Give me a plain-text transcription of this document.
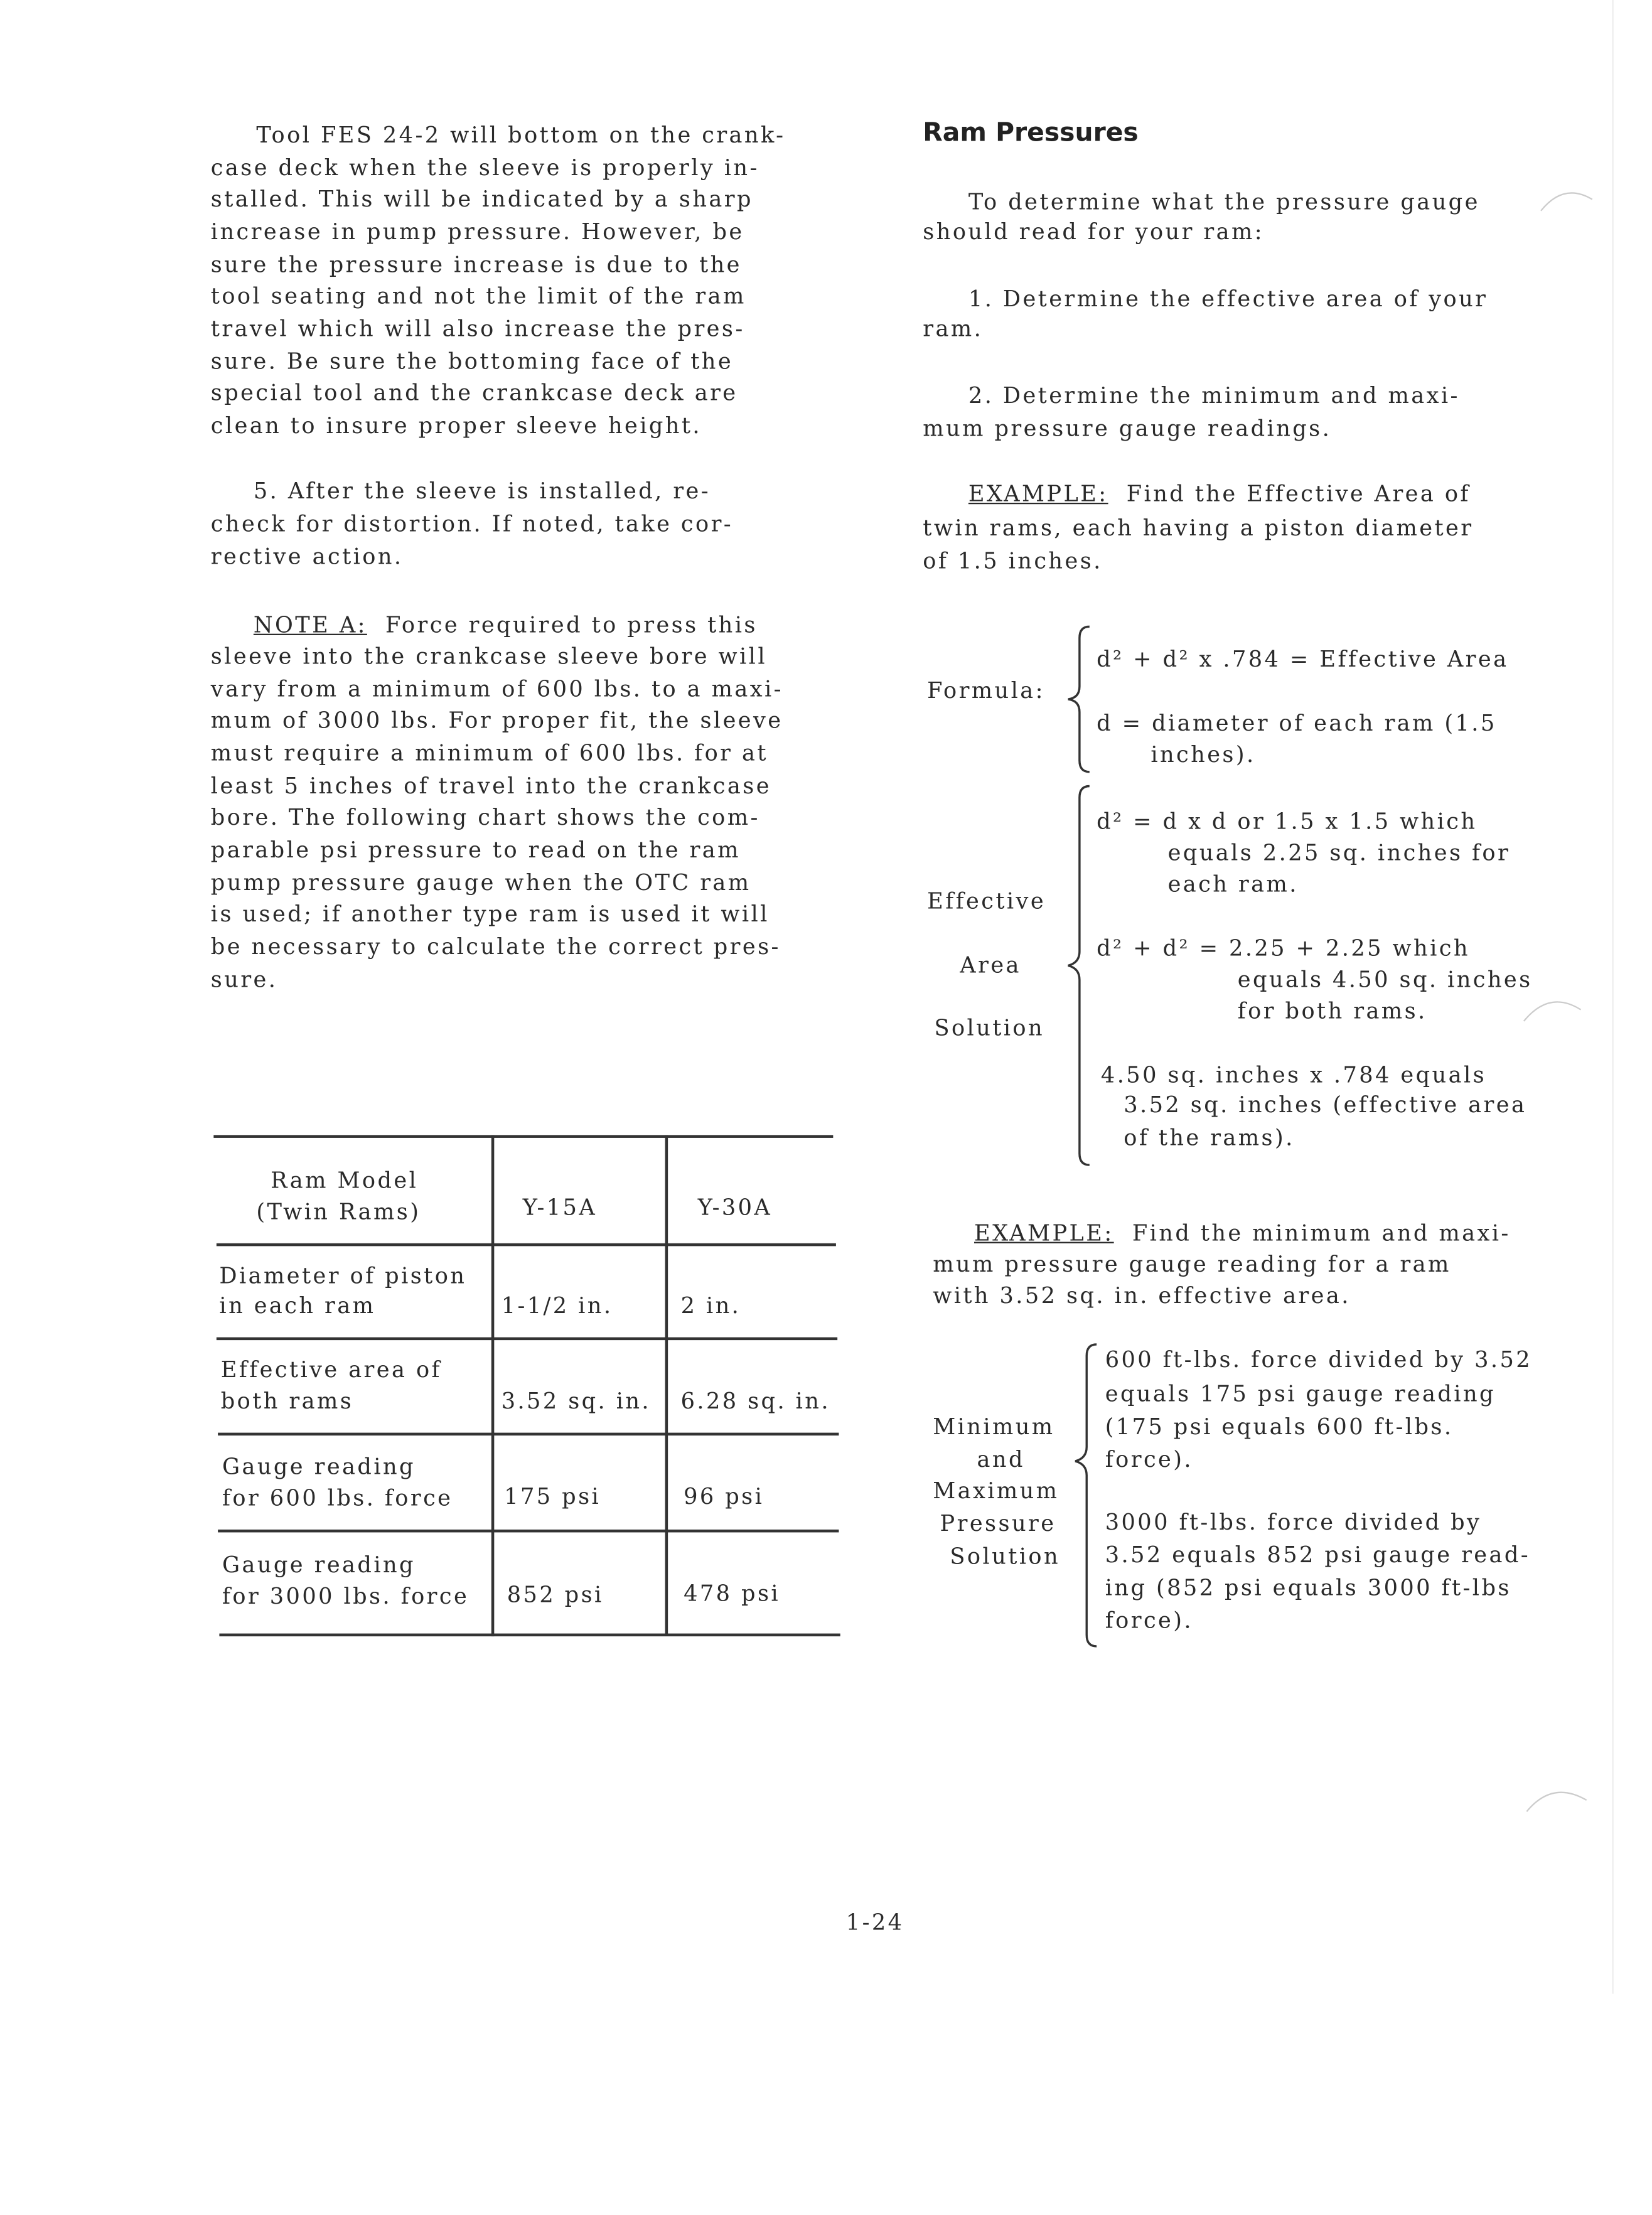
Tool FES 24-2 will bottom on the crank-
case deck when the sleeve is properly in-
stalled. This will be indicated by a sharp
increase in pump pressure. However, be
sure the pressure increase is due to the
tool seating and not the limit of the ram
travel which will also increase the pres-
sure. Be sure the bottoming face of the
special tool and the crankcase deck are
clean to insure proper sleeve height.
5. After the sleeve is installed, re-
check for distortion. If noted, take cor-
rective action.
NOTE A: Force required to press this
sleeve into the crankcase sleeve bore will
vary from a minimum of 600 lbs. to a maxi-
mum of 3000 lbs. For proper fit, the sleeve
must require a minimum of 600 lbs. for at
least 5 inches of travel into the crankcase
bore. The following chart shows the com-
parable psi pressure to read on the ram
pump pressure gauge when the OTC ram
is used; if another type ram is used it will
be necessary to calculate the correct pres-
sure.
Ram Model
(Twin Rams)	Y-15A	Y-30A
Diameter of piston
in each ram	1-1/2 in.	2 in.
Effective area of
both rams	3.52 sq. in.	6.28 sq. in.
Gauge reading
for 600 lbs. force	175 psi	96 psi
Gauge reading
for 3000 lbs. force	852 psi	478 psi
Ram Pressures
To determine what the pressure gauge
should read for your ram:
1. Determine the effective area of your
ram.
2. Determine the minimum and maxi-
mum pressure gauge readings.
EXAMPLE: Find the Effective Area of
twin rams, each having a piston diameter
of 1.5 inches.
Formula:
d² + d² x .784 = Effective Area
d = diameter of each ram (1.5
inches).
Effective
Area
Solution
d² = d x d or 1.5 x 1.5 which
equals 2.25 sq. inches for
each ram.
d² + d² = 2.25 + 2.25 which
equals 4.50 sq. inches
for both rams.
4.50 sq. inches x .784 equals
3.52 sq. inches (effective area
of the rams).
EXAMPLE: Find the minimum and maxi-
mum pressure gauge reading for a ram
with 3.52 sq. in. effective area.
Minimum
and
Maximum
Pressure
Solution
600 ft-lbs. force divided by 3.52
equals 175 psi gauge reading
(175 psi equals 600 ft-lbs.
force).
3000 ft-lbs. force divided by
3.52 equals 852 psi gauge read-
ing (852 psi equals 3000 ft-lbs
force).
1-24
